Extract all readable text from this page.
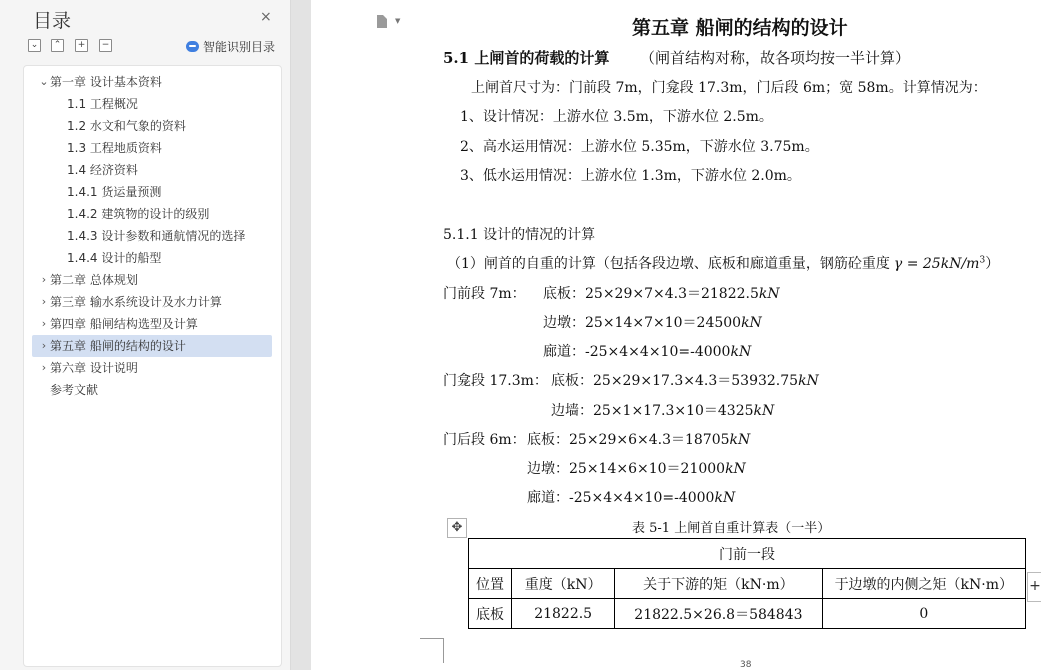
目录	×
⌄	⌃	+	−	智能识别目录
⌄ 第一章 设计基本资料
1.1 工程概况
1.2 水文和气象的资料
1.3 工程地质资料
1.4 经济资料
1.4.1 货运量预测
1.4.2 建筑物的设计的级别
1.4.3 设计参数和通航情况的选择
1.4.4 设计的船型
› 第二章 总体规划
› 第三章 输水系统设计及水力计算
› 第四章 船闸结构选型及计算
› 第五章 船闸的结构的设计
› 第六章 设计说明
参考文献
▼	第五章 船闸的结构的设计
5.1 上闸首的荷载的计算 （闸首结构对称，故各项均按一半计算）
上闸首尺寸为：门前段 7m，门龛段 17.3m，门后段 6m；宽 58m。计算情况为：
1、设计情况：上游水位 3.5m，下游水位 2.5m。
2、高水运用情况：上游水位 5.35m，下游水位 3.75m。
3、低水运用情况：上游水位 1.3m，下游水位 2.0m。
5.1.1 设计的情况的计算
（1）闸首的自重的计算（包括各段边墩、底板和廊道重量，钢筋砼重度 $\gamma = 25kN/m^3$）
门前段 7m： 底板：25×29×7×4.3＝21822.5kN
边墩：25×14×7×10＝24500kN
廊道：-25×4×4×10=-4000kN
门龛段 17.3m： 底板：25×29×17.3×4.3＝53932.75kN
边墙：25×1×17.3×10＝4325kN
门后段 6m： 底板：25×29×6×4.3＝18705kN
边墩：25×14×6×10＝21000kN
廊道：-25×4×4×10=-4000kN
✥	表 5-1 上闸首自重计算表（一半）
门前一段			
位置	重度（kN）	关于下游的矩（kN·m）	于边墩的内侧之矩（kN·m）
底板	21822.5	21822.5×26.8＝584843	0
+
38
